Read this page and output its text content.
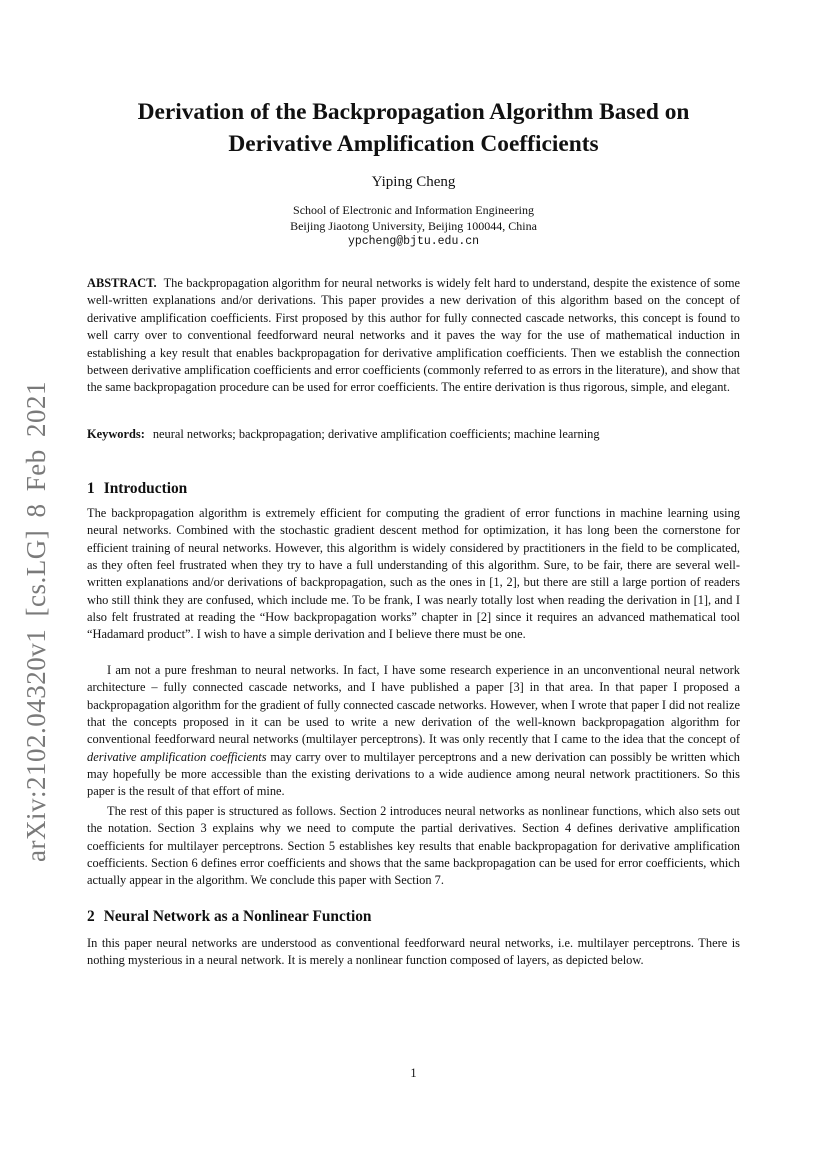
arXiv:2102.04320v1 [cs.LG] 8 Feb 2021
Derivation of the Backpropagation Algorithm Based on
Derivative Amplification Coefficients
Yiping Cheng
School of Electronic and Information Engineering
Beijing Jiaotong University, Beijing 100044, China
ypcheng@bjtu.edu.cn
ABSTRACT. The backpropagation algorithm for neural networks is widely felt hard to understand, despite the existence of some well-written explanations and/or derivations. This paper provides a new derivation of this algorithm based on the concept of derivative amplification coefficients. First proposed by this author for fully connected cascade networks, this concept is found to well carry over to conventional feedforward neural networks and it paves the way for the use of mathematical induction in establishing a key result that enables backpropagation for derivative amplification coefficients. Then we establish the connection between derivative amplification coefficients and error coefficients (commonly referred to as errors in the literature), and show that the same backpropagation procedure can be used for error coefficients. The entire derivation is thus rigorous, simple, and elegant.
Keywords: neural networks; backpropagation; derivative amplification coefficients; machine learning
1 Introduction
The backpropagation algorithm is extremely efficient for computing the gradient of error functions in machine learning using neural networks. Combined with the stochastic gradient descent method for optimization, it has long been the cornerstone for efficient training of neural networks. However, this algorithm is widely considered by practitioners in the field to be complicated, as they often feel frustrated when they try to have a full understanding of this algorithm. Sure, to be fair, there are several well-written explanations and/or derivations of backpropagation, such as the ones in [1, 2], but there are still a large portion of readers who still think they are confused, which include me. To be frank, I was nearly totally lost when reading the derivation in [1], and I also felt frustrated at reading the “How backpropagation works” chapter in [2] since it requires an advanced mathematical tool “Hadamard product”. I wish to have a simple derivation and I believe there must be one.
I am not a pure freshman to neural networks. In fact, I have some research experience in an unconventional neural network architecture – fully connected cascade networks, and I have published a paper [3] in that area. In that paper I proposed a backpropagation algorithm for the gradient of fully connected cascade networks. However, when I wrote that paper I did not realize that the concepts proposed in it can be used to write a new derivation of the well-known backpropagation algorithm for conventional feedforward neural networks (multilayer perceptrons). It was only recently that I came to the idea that the concept of derivative amplification coefficients may carry over to multilayer perceptrons and a new derivation can possibly be written which may hopefully be more accessible than the existing derivations to a wide audience among neural network practitioners. So this paper is the result of that effort of mine.
The rest of this paper is structured as follows. Section 2 introduces neural networks as nonlinear functions, which also sets out the notation. Section 3 explains why we need to compute the partial derivatives. Section 4 defines derivative amplification coefficients for multilayer perceptrons. Section 5 establishes key results that enable backpropagation for derivative amplification coefficients. Section 6 defines error coefficients and shows that the same backpropagation can be used for error coefficients, which actually appear in the algorithm. We conclude this paper with Section 7.
2 Neural Network as a Nonlinear Function
In this paper neural networks are understood as conventional feedforward neural networks, i.e. multilayer perceptrons. There is nothing mysterious in a neural network. It is merely a nonlinear function composed of layers, as depicted below.
1
